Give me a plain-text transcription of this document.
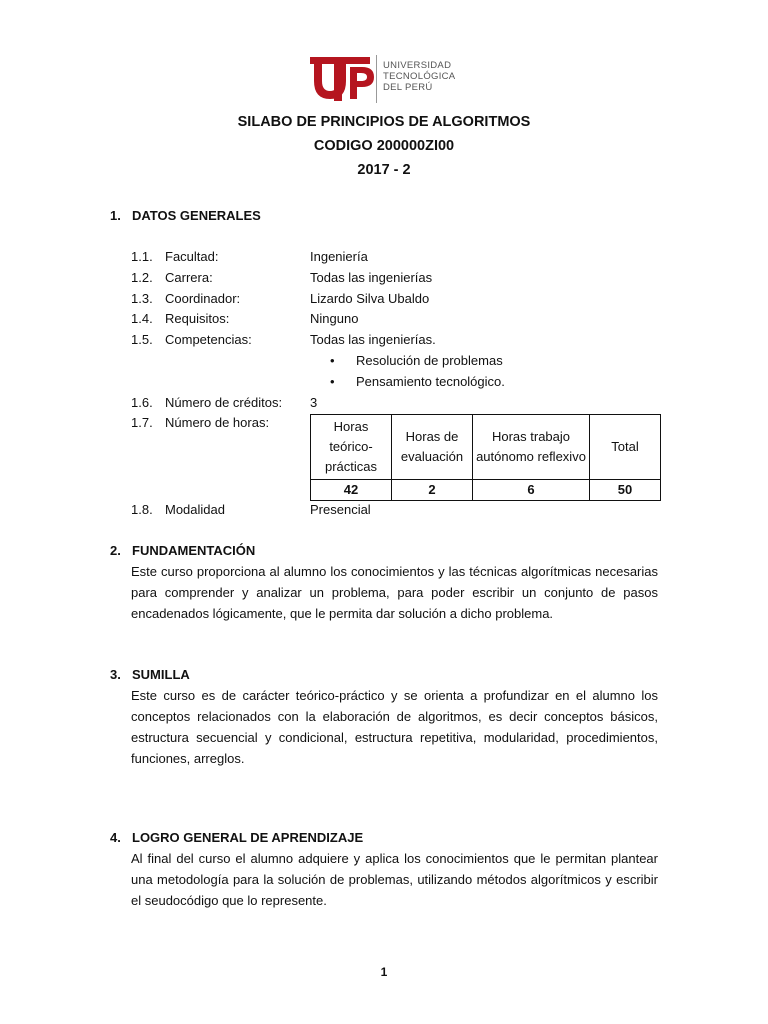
UNIVERSIDAD
TECNOLÓGICA
DEL PERÚ
SILABO DE PRINCIPIOS DE ALGORITMOS
CODIGO 200000ZI00
2017 - 2
1. DATOS GENERALES
1.1. Facultad:	Ingeniería
1.2. Carrera:	Todas las ingenierías
1.3. Coordinador:	Lizardo Silva Ubaldo
1.4. Requisitos:	Ninguno
1.5. Competencias:	Todas las ingenierías.
• Resolución de problemas
• Pensamiento tecnológico.
1.6. Número de créditos: 3
1.7. Número de horas:	Horas teórico-prácticas	Horas de evaluación	Horas trabajo autónomo reflexivo	Total
42	2	6	50
1.8. Modalidad	Presencial
2. FUNDAMENTACIÓN
Este curso proporciona al alumno los conocimientos y las técnicas algorítmicas necesarias para comprender y analizar un problema, para poder escribir un conjunto de pasos encadenados lógicamente, que le permita dar solución a dicho problema.
3. SUMILLA
Este curso es de carácter teórico-práctico y se orienta a profundizar en el alumno los conceptos relacionados con la elaboración de algoritmos, es decir conceptos básicos, estructura secuencial y condicional, estructura repetitiva, modularidad, procedimientos, funciones, arreglos.
4. LOGRO GENERAL DE APRENDIZAJE
Al final del curso el alumno adquiere y aplica los conocimientos que le permitan plantear una metodología para la solución de problemas, utilizando métodos algorítmicos y escribir el seudocódigo que lo represente.
1
